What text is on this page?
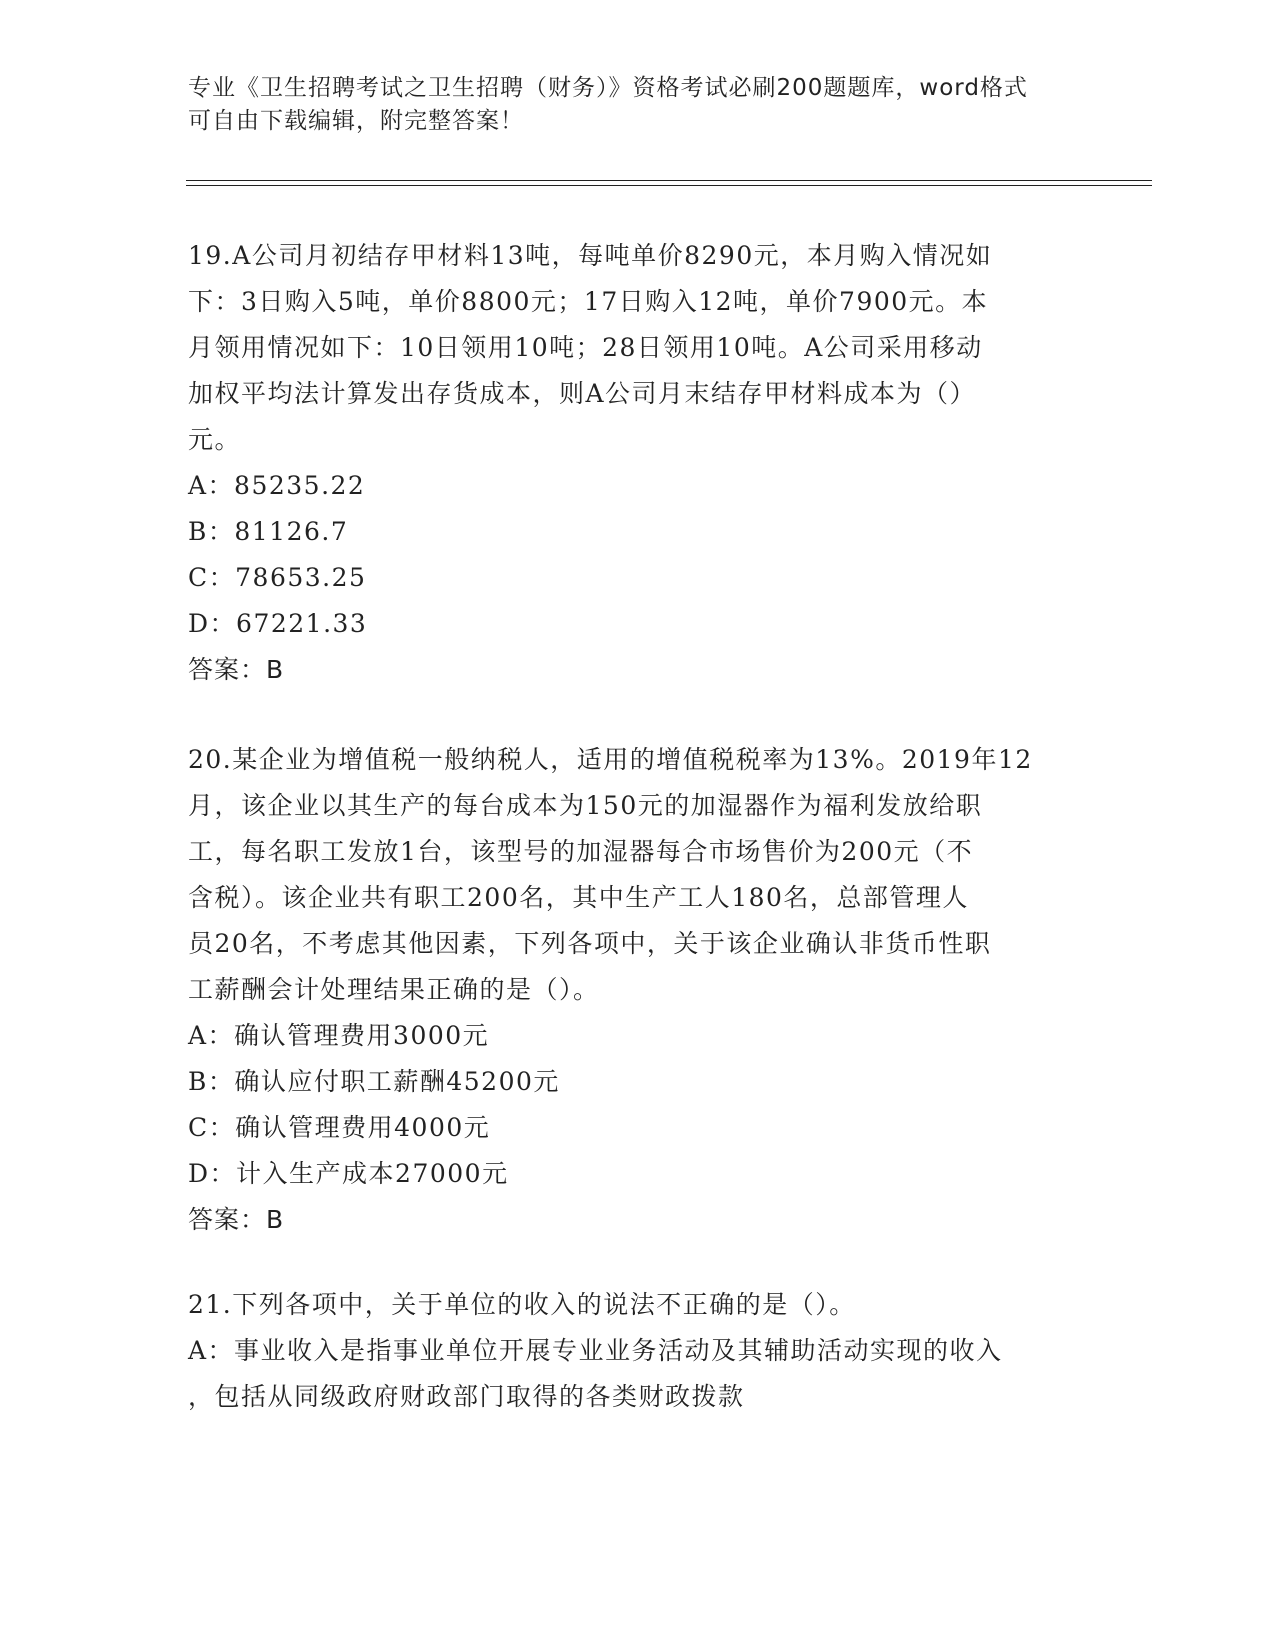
专业《卫生招聘考试之卫生招聘（财务）》资格考试必刷200题题库，word格式
可自由下载编辑，附完整答案！
19.A公司月初结存甲材料13吨，每吨单价8290元，本月购入情况如
下：3日购入5吨，单价8800元；17日购入12吨，单价7900元。本
月领用情况如下：10日领用10吨；28日领用10吨。A公司采用移动
加权平均法计算发出存货成本，则A公司月末结存甲材料成本为（）
元。
A：85235.22
B：81126.7
C：78653.25
D：67221.33
答案：B
20.某企业为增值税一般纳税人，适用的增值税税率为13%。2019年12
月，该企业以其生产的每台成本为150元的加湿器作为福利发放给职
工，每名职工发放1台，该型号的加湿器每合市场售价为200元（不
含税）。该企业共有职工200名，其中生产工人180名，总部管理人
员20名，不考虑其他因素，下列各项中，关于该企业确认非货币性职
工薪酬会计处理结果正确的是（）。
A：确认管理费用3000元
B：确认应付职工薪酬45200元
C：确认管理费用4000元
D：计入生产成本27000元
答案：B
21.下列各项中，关于单位的收入的说法不正确的是（）。
A：事业收入是指事业单位开展专业业务活动及其辅助活动实现的收入
，包括从同级政府财政部门取得的各类财政拨款
